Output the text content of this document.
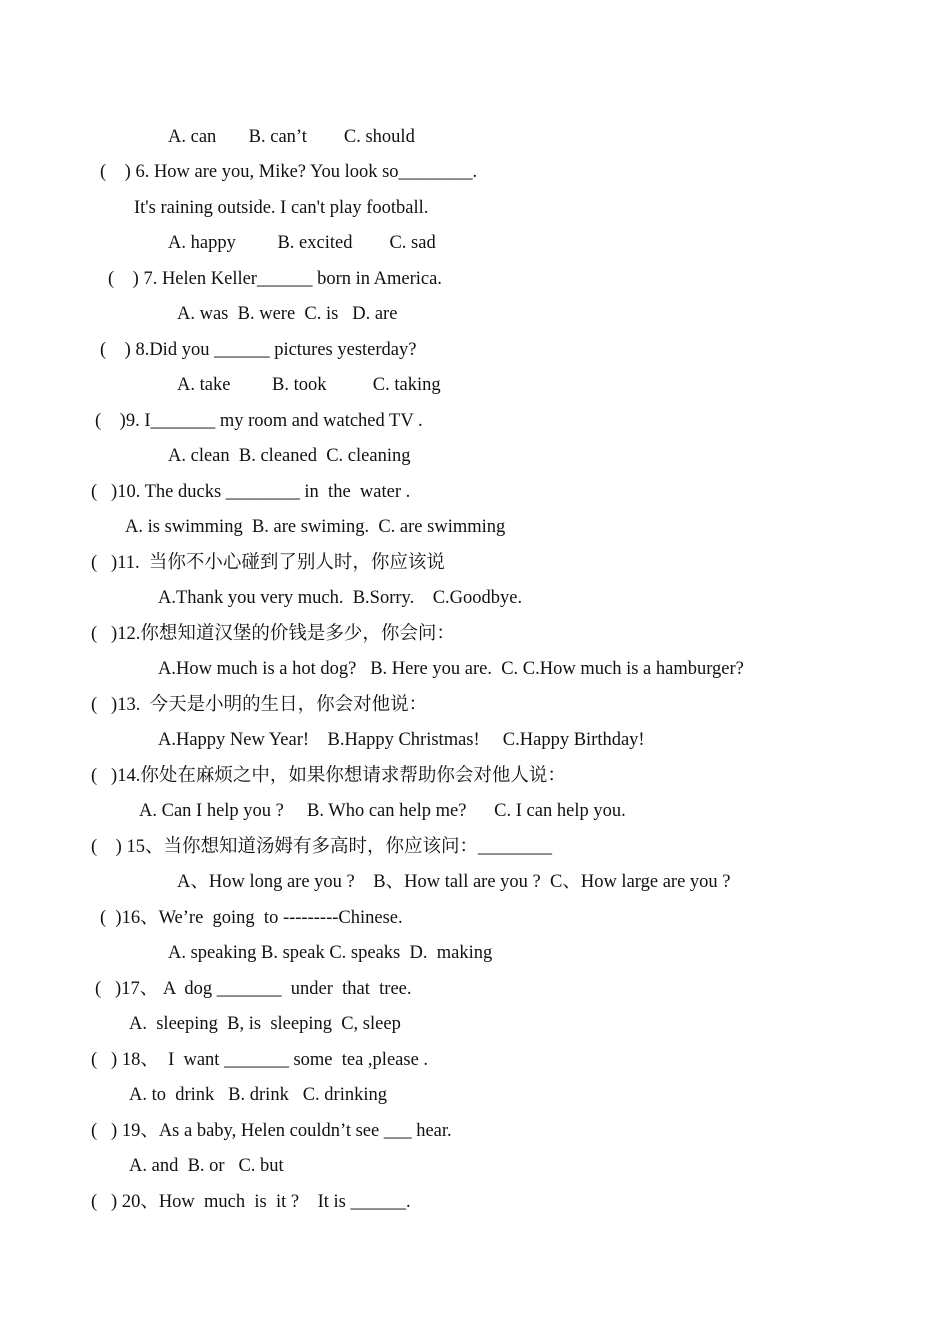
A. can       B. can’t        C. should
(    ) 6. How are you, Mike? You look so________.
It's raining outside. I can't play football.
A. happy         B. excited        C. sad
(    ) 7. Helen Keller______ born in America.
A. was  B. were  C. is   D. are
(    ) 8.Did you ______ pictures yesterday?
A. take         B. took          C. taking
(    )9. I_______ my room and watched TV .
A. clean  B. cleaned  C. cleaning
(   )10. The ducks ________ in  the  water .
A. is swimming  B. are swiming.  C. are swimming
(   )11.  当你不小心碰到了别人时，你应该说
A.Thank you very much.  B.Sorry.    C.Goodbye.
(   )12.你想知道汉堡的价钱是多少，你会问：
A.How much is a hot dog?   B. Here you are.  C. C.How much is a hamburger?
(   )13.  今天是小明的生日，你会对他说：
A.Happy New Year!    B.Happy Christmas!     C.Happy Birthday!
(   )14.你处在麻烦之中，如果你想请求帮助你会对他人说：
A. Can I help you ?     B. Who can help me?      C. I can help you.
(    ) 15、当你想知道汤姆有多高时，你应该问：________
A、How long are you ?    B、How tall are you ?  C、How large are you ?
(  )16、We’re  going  to ---------Chinese.
A. speaking B. speak C. speaks  D.  making
(   )17、 A  dog _______  under  that  tree.
A.  sleeping  B, is  sleeping  C, sleep
(   ) 18、  I  want _______ some  tea ,please .
A. to  drink   B. drink   C. drinking
(   ) 19、As a baby, Helen couldn’t see ___ hear.
A. and  B. or   C. but
(   ) 20、How  much  is  it ?    It is ______.
